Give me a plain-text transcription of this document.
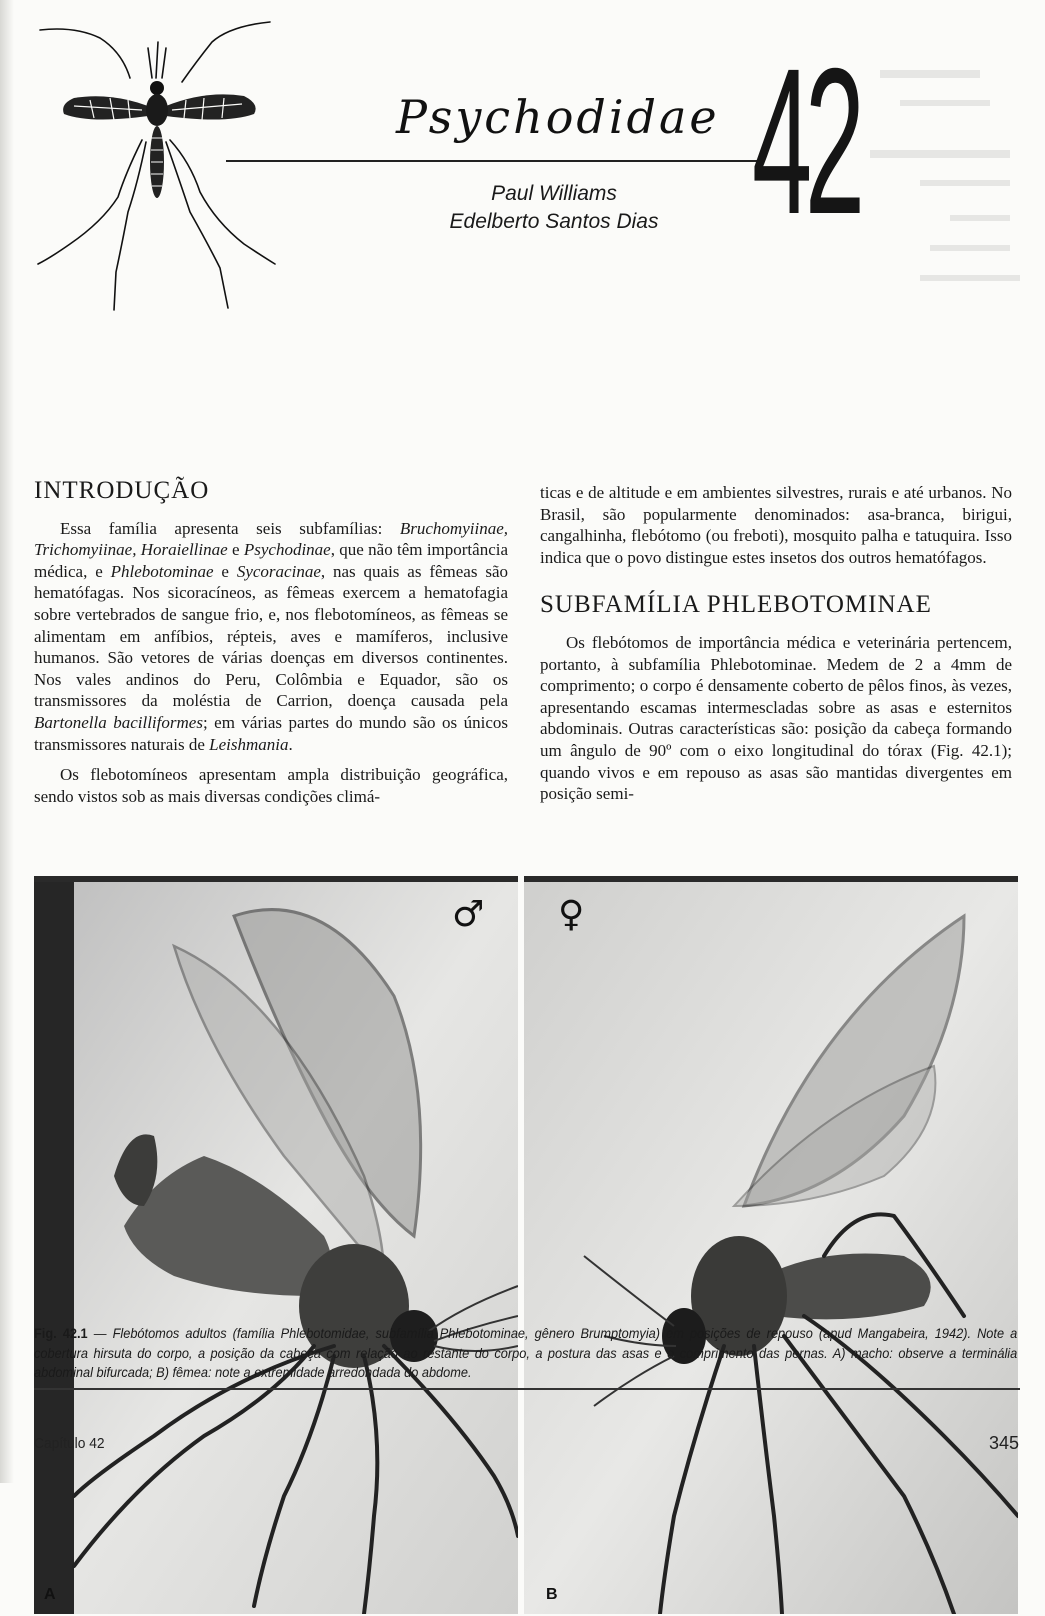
Psychodidae 42
Paul Williams
Edelberto Santos Dias
INTRODUÇÃO

Essa família apresenta seis subfamílias: Bruchomyiinae, Trichomyiinae, Horaiellinae e Psychodinae, que não têm importância médica, e Phlebotominae e Sycoracinae, nas quais as fêmeas são hematófagas. Nos sicoracíneos, as fêmeas exercem a hematofagia sobre vertebrados de sangue frio, e, nos flebotomíneos, as fêmeas se alimentam em anfíbios, répteis, aves e mamíferos, inclusive humanos. São vetores de várias doenças em diversos continentes. Nos vales andinos do Peru, Colômbia e Equador, são os transmissores da moléstia de Carrion, doença causada pela Bartonella bacilliformes; em várias partes do mundo são os únicos transmissores naturais de Leishmania.

Os flebotomíneos apresentam ampla distribuição geográfica, sendo vistos sob as mais diversas condições climá-

ticas e de altitude e em ambientes silvestres, rurais e até urbanos. No Brasil, são popularmente denominados: asa-branca, birigui, cangalhinha, flebótomo (ou freboti), mosquito palha e tatuquira. Isso indica que o povo distingue estes insetos dos outros hematófagos.

SUBFAMÍLIA PHLEBOTOMINAE

Os flebótomos de importância médica e veterinária pertencem, portanto, à subfamília Phlebotominae. Medem de 2 a 4mm de comprimento; o corpo é densamente coberto de pêlos finos, às vezes, apresentando escamas intermescladas sobre as asas e esternitos abdominais. Outras características são: posição da cabeça formando um ângulo de 90º com o eixo longitudinal do tórax (Fig. 42.1); quando vivos e em repouso as asas são mantidas divergentes em posição semi-

♂
A
♀
B
Fig. 42.1 — Flebótomos adultos (família Phlebotomidae, subfamília Phlebotominae, gênero Brumptomyia) em posições de repouso (apud Mangabeira, 1942). Note a cobertura hirsuta do corpo, a posição da cabeça com relação ao restante do corpo, a postura das asas e o comprimento das pernas. A) macho: observe a terminália abdominal bifurcada; B) fêmea: note a extremidade arredondada do abdome.
Capítulo 42	345
